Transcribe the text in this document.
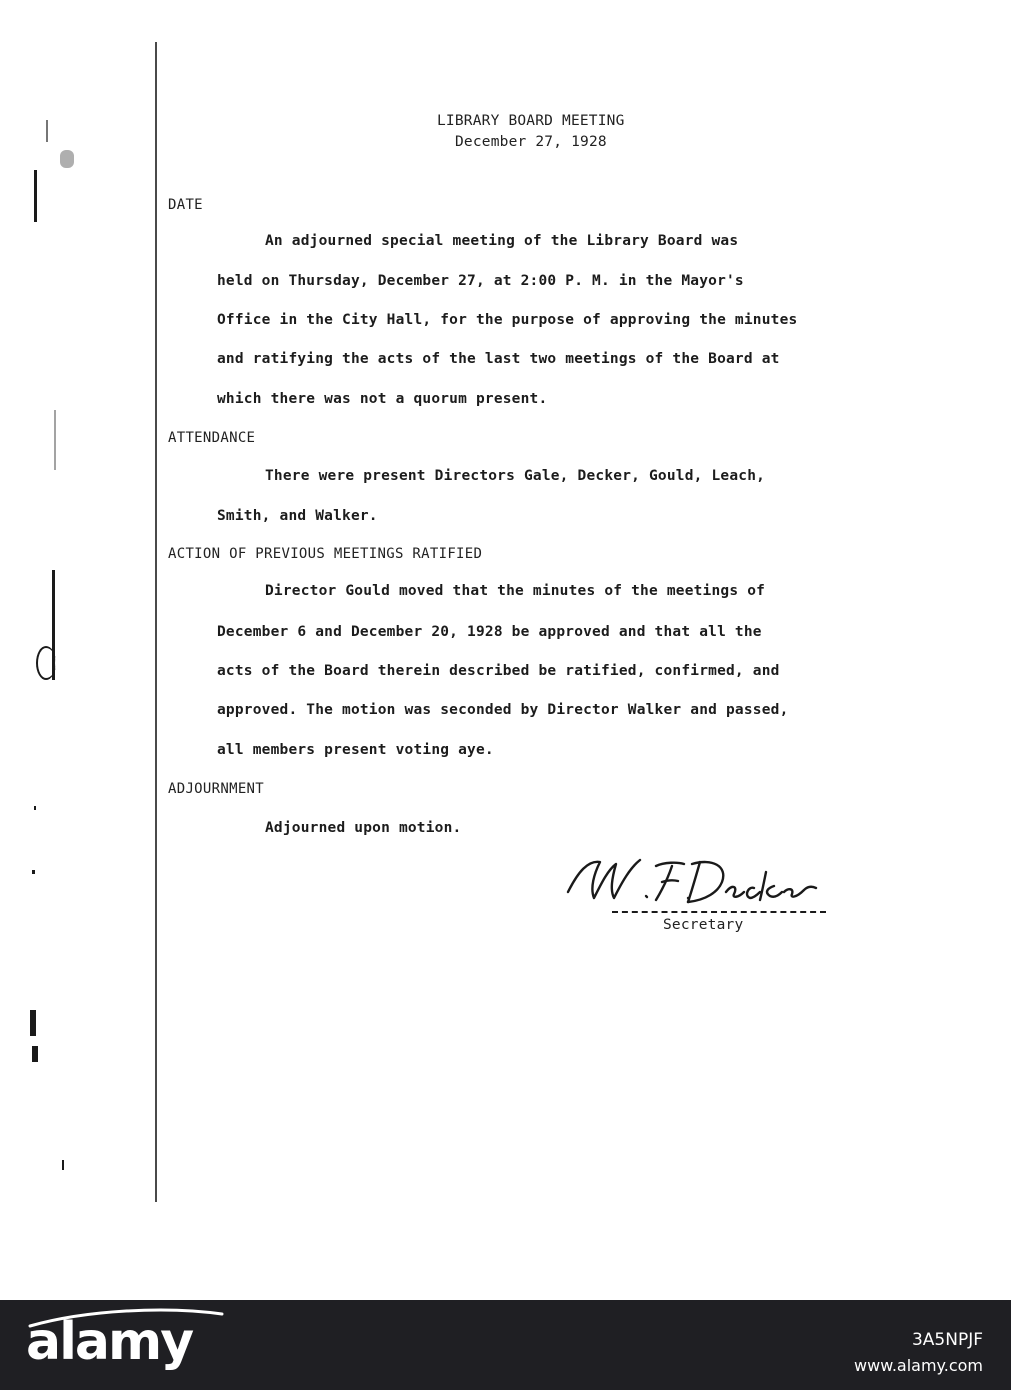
LIBRARY BOARD MEETING
December 27, 1928
DATE
An adjourned special meeting of the Library Board was
held on Thursday, December 27, at 2:00 P. M. in the Mayor's
Office in the City Hall, for the purpose of approving the minutes
and ratifying the acts of the last two meetings of the Board at
which there was not a quorum present.
ATTENDANCE
There were present Directors Gale, Decker, Gould, Leach,
Smith, and Walker.
ACTION OF PREVIOUS MEETINGS RATIFIED
Director Gould moved that the minutes of the meetings of
December 6 and December 20, 1928 be approved and that all the
acts of the Board therein described be ratified, confirmed, and
approved. The motion was seconded by Director Walker and passed,
all members present voting aye.
ADJOURNMENT
Adjourned upon motion.
Secretary
alamy	3A5NPJF
www.alamy.com
